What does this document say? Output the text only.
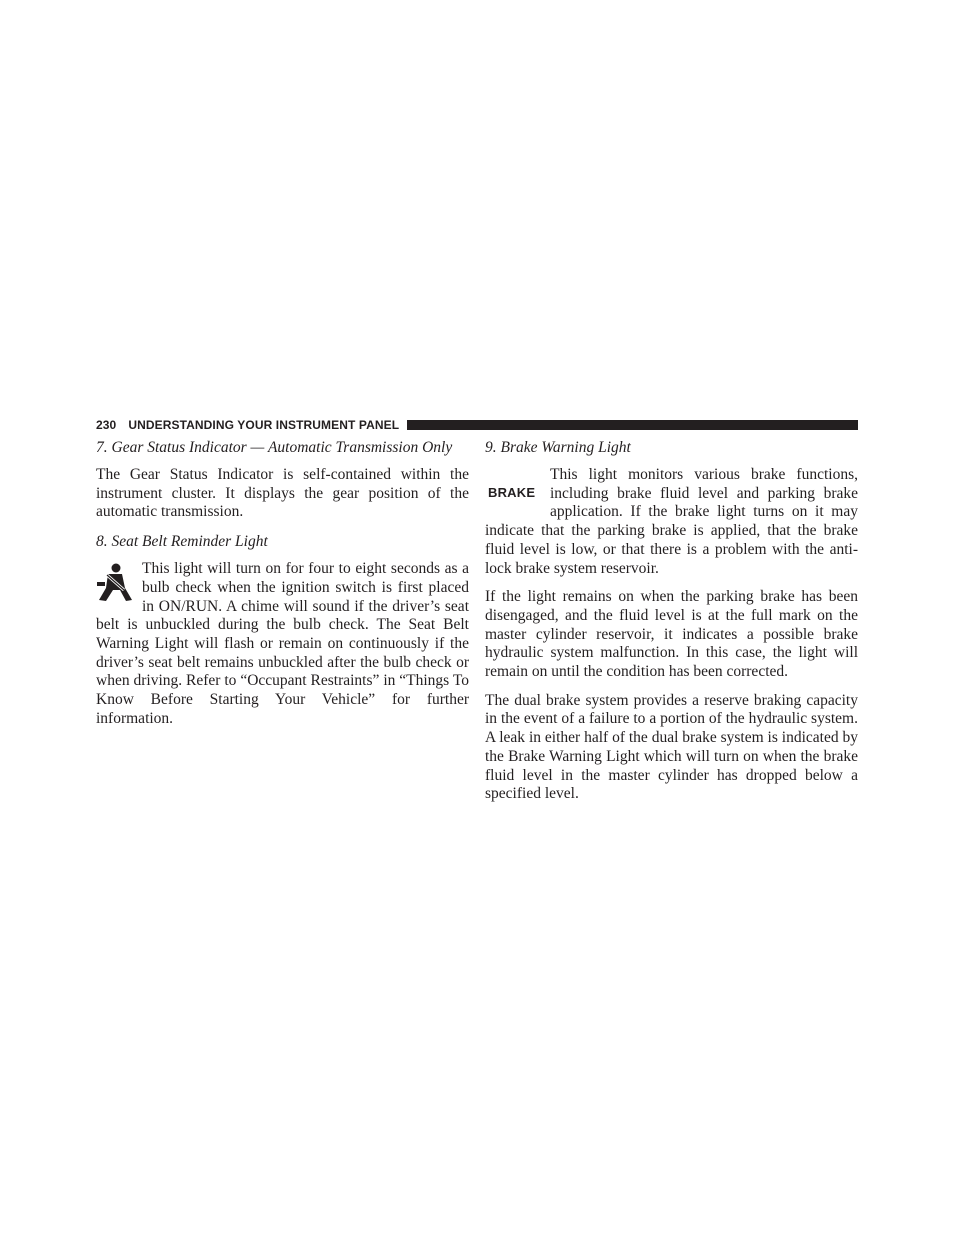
230 UNDERSTANDING YOUR INSTRUMENT PANEL

7. Gear Status Indicator — Automatic Transmission Only

The Gear Status Indicator is self-contained within the instrument cluster. It displays the gear position of the automatic transmission.

8. Seat Belt Reminder Light

This light will turn on for four to eight seconds as a bulb check when the ignition switch is first placed in ON/RUN. A chime will sound if the driver’s seat belt is unbuckled during the bulb check. The Seat Belt Warning Light will flash or remain on continuously if the driver’s seat belt remains unbuckled after the bulb check or when driving. Refer to “Occupant Restraints” in “Things To Know Before Starting Your Vehicle” for further information.

9. Brake Warning Light

BRAKE
This light monitors various brake functions, including brake fluid level and parking brake application. If the brake light turns on it may indicate that the parking brake is applied, that the brake fluid level is low, or that there is a problem with the anti-lock brake system reservoir.

If the light remains on when the parking brake has been disengaged, and the fluid level is at the full mark on the master cylinder reservoir, it indicates a possible brake hydraulic system malfunction. In this case, the light will remain on until the condition has been corrected.

The dual brake system provides a reserve braking capacity in the event of a failure to a portion of the hydraulic system. A leak in either half of the dual brake system is indicated by the Brake Warning Light which will turn on when the brake fluid level in the master cylinder has dropped below a specified level.
